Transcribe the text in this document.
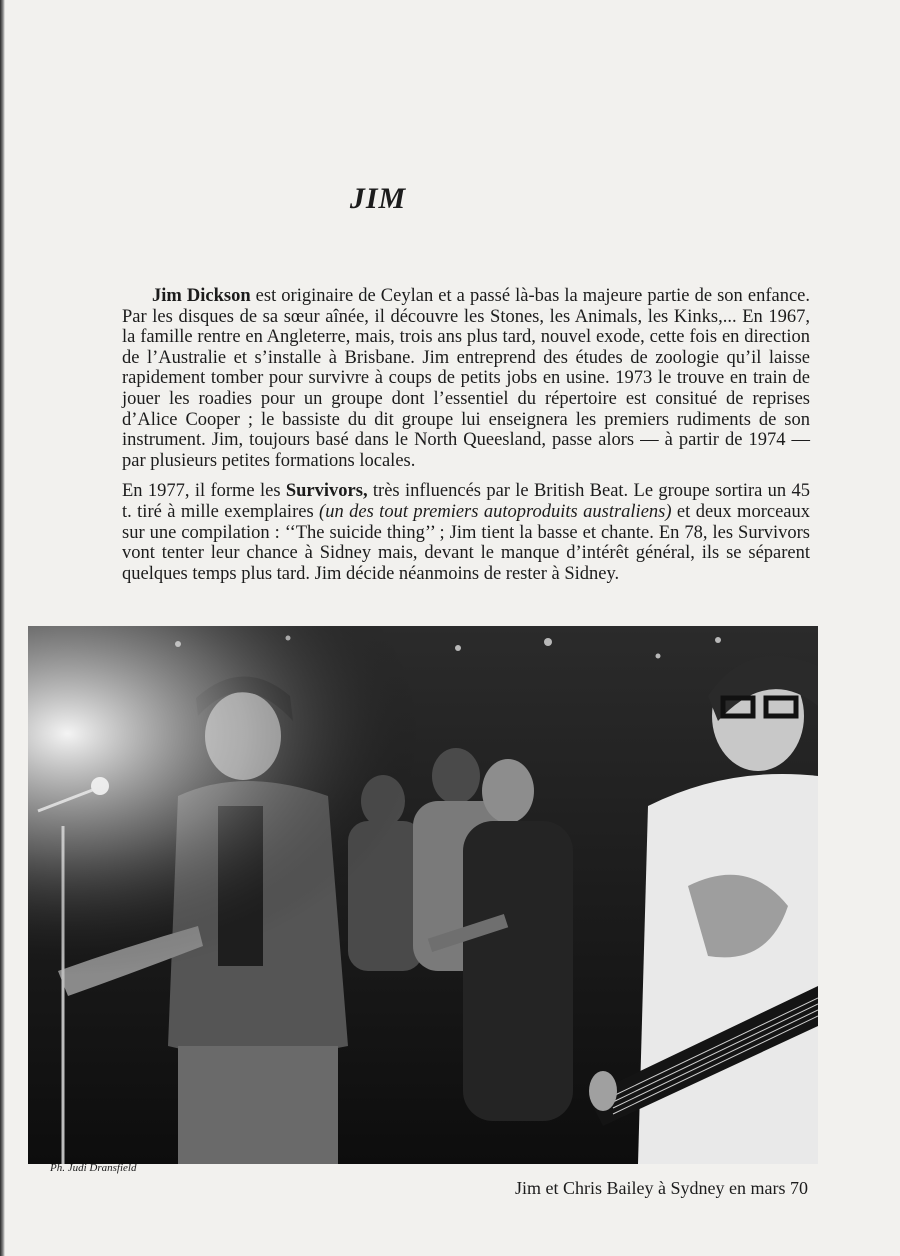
JIM

Jim Dickson est originaire de Ceylan et a passé là-bas la majeure partie de son enfance. Par les disques de sa sœur aînée, il découvre les Stones, les Animals, les Kinks,... En 1967, la famille rentre en Angleterre, mais, trois ans plus tard, nouvel exode, cette fois en direction de l’Australie et s’installe à Brisbane. Jim entreprend des études de zoologie qu’il laisse rapidement tomber pour survivre à coups de petits jobs en usine. 1973 le trouve en train de jouer les roadies pour un groupe dont l’essentiel du répertoire est consitué de reprises d’Alice Cooper ; le bassiste du dit groupe lui enseignera les premiers rudiments de son instrument. Jim, toujours basé dans le North Queesland, passe alors — à partir de 1974 — par plusieurs petites formations locales.

En 1977, il forme les Survivors, très influencés par le British Beat. Le groupe sortira un 45 t. tiré à mille exemplaires (un des tout premiers autoproduits australiens) et deux morceaux sur une compilation : ‘‘The suicide thing’’ ; Jim tient la basse et chante. En 78, les Survivors vont tenter leur chance à Sidney mais, devant le manque d’intérêt général, ils se séparent quelques temps plus tard. Jim décide néanmoins de rester à Sidney.

Ph. Judi Dransfield

Jim et Chris Bailey à Sydney en mars 70
